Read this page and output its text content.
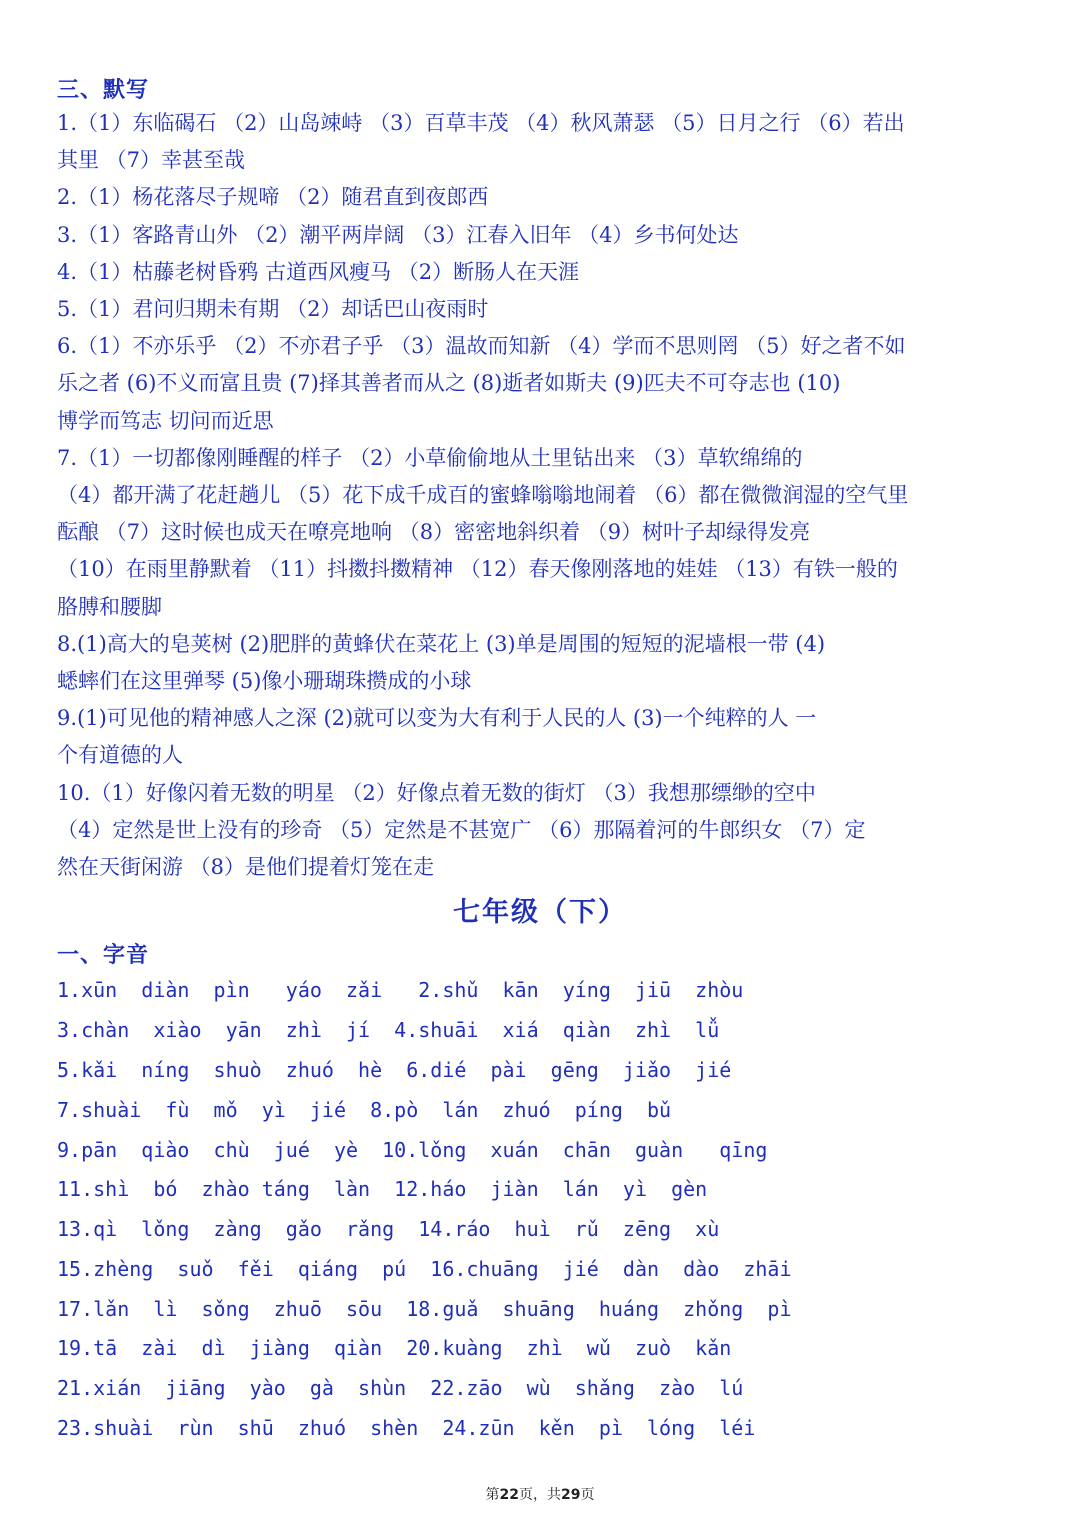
三、默写
1.（1）东临碣石 （2）山岛竦峙 （3）百草丰茂 （4）秋风萧瑟 （5）日月之行 （6）若出
其里 （7）幸甚至哉
2.（1）杨花落尽子规啼 （2）随君直到夜郎西
3.（1）客路青山外 （2）潮平两岸阔 （3）江春入旧年 （4）乡书何处达
4.（1）枯藤老树昏鸦 古道西风瘦马 （2）断肠人在天涯
5.（1）君问归期未有期 （2）却话巴山夜雨时
6.（1）不亦乐乎 （2）不亦君子乎 （3）温故而知新 （4）学而不思则罔 （5）好之者不如
乐之者 (6)不义而富且贵 (7)择其善者而从之 (8)逝者如斯夫 (9)匹夫不可夺志也 (10)
博学而笃志 切问而近思
7.（1）一切都像刚睡醒的样子 （2）小草偷偷地从土里钻出来 （3）草软绵绵的
（4）都开满了花赶趟儿 （5）花下成千成百的蜜蜂嗡嗡地闹着 （6）都在微微润湿的空气里
酝酿 （7）这时候也成天在嘹亮地响 （8）密密地斜织着 （9）树叶子却绿得发亮
（10）在雨里静默着 （11）抖擞抖擞精神 （12）春天像刚落地的娃娃 （13）有铁一般的
胳膊和腰脚
8.(1)高大的皂荚树 (2)肥胖的黄蜂伏在菜花上 (3)单是周围的短短的泥墙根一带 (4)
蟋蟀们在这里弹琴 (5)像小珊瑚珠攒成的小球
9.(1)可见他的精神感人之深 (2)就可以变为大有利于人民的人 (3)一个纯粹的人 一
个有道德的人
10.（1）好像闪着无数的明星 （2）好像点着无数的街灯 （3）我想那缥缈的空中
（4）定然是世上没有的珍奇 （5）定然是不甚宽广 （6）那隔着河的牛郎织女 （7）定
然在天街闲游 （8）是他们提着灯笼在走
七年级（下）
一、字音
1.xūn  diàn  pìn   yáo  zǎi   2.shǔ  kān  yíng  jiū  zhòu
3.chàn  xiào  yān  zhì  jí  4.shuāi  xiá  qiàn  zhì  lǚ
5.kǎi  níng  shuò  zhuó  hè  6.dié  pài  gēng  jiǎo  jié
7.shuài  fù  mǒ  yì  jié  8.pò  lán  zhuó  píng  bǔ
9.pān  qiào  chù  jué  yè  10.lǒng  xuán  chān  guàn   qīng
11.shì  bó  zhào táng  làn  12.háo  jiàn  lán  yì  gèn
13.qì  lǒng  zàng  gǎo  rǎng  14.ráo  huì  rǔ  zēng  xù
15.zhèng  suǒ  fěi  qiáng  pú  16.chuāng  jié  dàn  dào  zhāi
17.lǎn  lì  sǒng  zhuō  sōu  18.guǎ  shuāng  huáng  zhǒng  pì
19.tā  zài  dì  jiàng  qiàn  20.kuàng  zhì  wǔ  zuò  kǎn
21.xián  jiāng  yào  gà  shùn  22.zāo  wù  shǎng  zào  lú
23.shuài  rùn  shū  zhuó  shèn  24.zūn  kěn  pì  lóng  léi
第22页，共29页
